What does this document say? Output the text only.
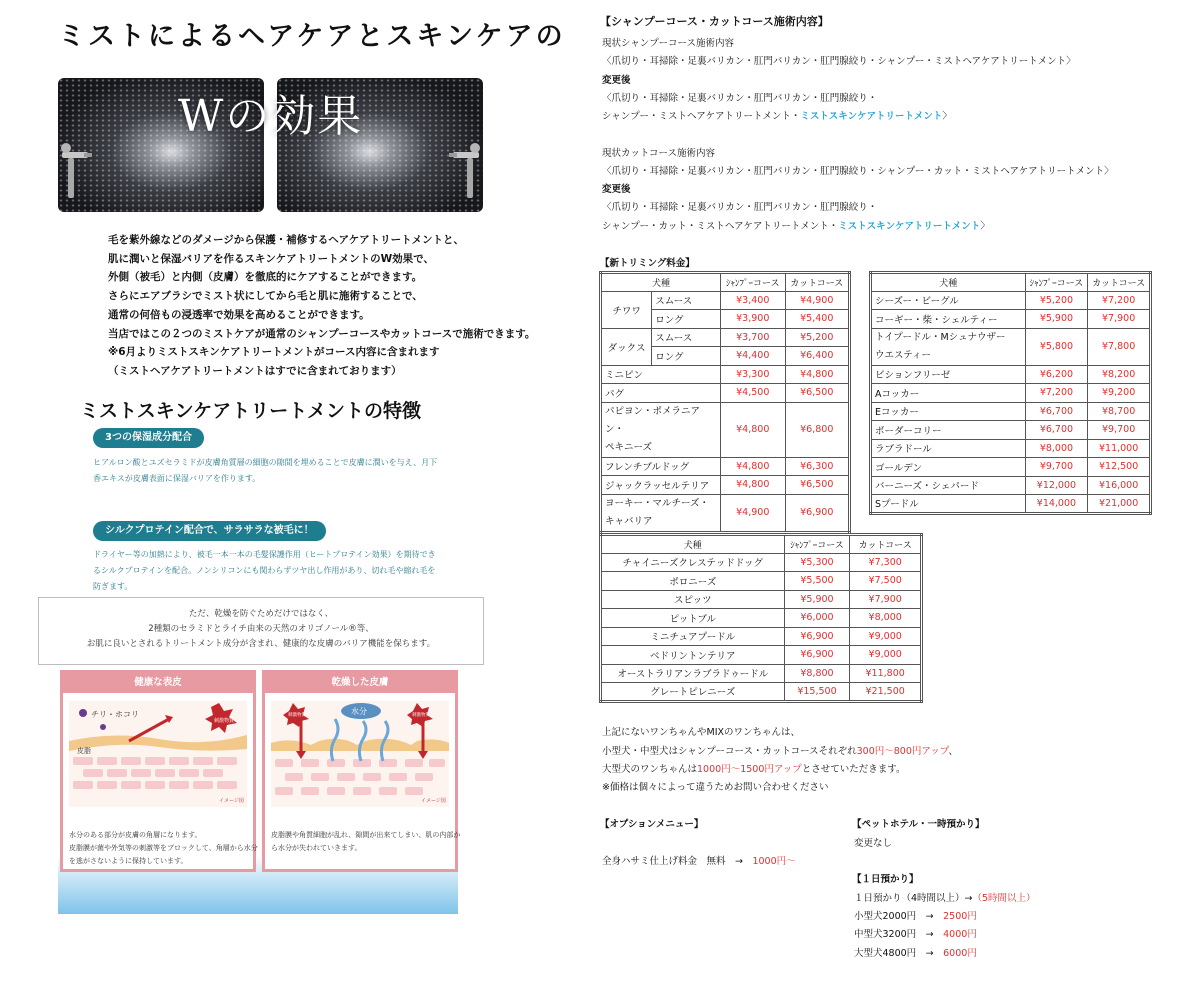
ミストによるヘアケアとスキンケアの
Wの効果
毛を紫外線などのダメージから保護・補修するヘアケアトリートメントと、
肌に潤いと保湿バリアを作るスキンケアトリートメントのW効果で、
外側（被毛）と内側（皮膚）を徹底的にケアすることができます。
さらにエアブラシでミスト状にしてから毛と肌に施術することで、
通常の何倍もの浸透率で効果を高めることができます。
当店ではこの２つのミストケアが通常のシャンプーコースやカットコースで施術できます。
※6月よりミストスキンケアトリートメントがコース内容に含まれます
（ミストヘアケアトリートメントはすでに含まれております）
ミストスキンケアトリートメントの特徴
3つの保湿成分配合
ヒアルロン酸とユズセラミドが皮膚角質層の細胞の隙間を埋めることで皮膚に潤いを与え、月下
香エキスが皮膚表面に保湿バリアを作ります。
シルクプロテイン配合で、サラサラな被毛に！
ドライヤー等の加熱により、被毛一本一本の毛髪保護作用（ヒートプロテイン効果）を期待でき
るシルクプロテインを配合。ノンシリコンにも関わらずツヤ出し作用があり、切れ毛や縮れ毛を
防ぎます。
ただ、乾燥を防ぐためだけではなく、
2種類のセラミドとライチ由来の天然のオリゴノール®等、
お肌に良いとされるトリートメント成分が含まれ、健康的な皮膚のバリア機能を保ちます。
健康な表皮
チリ・ホコリ
皮脂
刺激物質
イメージ図
水分のある部分が皮膚の角層になります。
皮脂膜が菌や外気等の刺激等をブロックして、角層から水分
を逃がさないように保持しています。
乾燥した皮膚
水分
刺激物質	刺激物質
イメージ図
皮脂膜や角質細胞が乱れ、隙間が出来てしまい、肌の内部か
ら水分が失われていきます。
【シャンプーコース・カットコース施術内容】
現状シャンプーコース施術内容
〈爪切り・耳掃除・足裏バリカン・肛門バリカン・肛門腺絞り・シャンプー・ミストヘアケアトリートメント〉
変更後
〈爪切り・耳掃除・足裏バリカン・肛門バリカン・肛門腺絞り・
シャンプー・ミストヘアケアトリートメント・ミストスキンケアトリートメント〉
現状カットコース施術内容
〈爪切り・耳掃除・足裏バリカン・肛門バリカン・肛門腺絞り・シャンプー・カット・ミストヘアケアトリートメント〉
変更後
〈爪切り・耳掃除・足裏バリカン・肛門バリカン・肛門腺絞り・
シャンプー・カット・ミストヘアケアトリートメント・ミストスキンケアトリートメント〉
【新トリミング料金】
犬種		ｼｬﾝﾌﾟｰコース	カットコース
チワワ	スムース	¥3,400	¥4,900
	ロング	¥3,900	¥5,400
ダックス	スムース	¥3,700	¥5,200
	ロング	¥4,400	¥6,400
ミニピン		¥3,300	¥4,800
パグ		¥4,500	¥6,500

パピヨン・ポメラニアン・
ペキニーズ		¥4,800	¥6,800
フレンチブルドッグ		¥4,800	¥6,300
ジャックラッセルテリア		¥4,800	¥6,500

ヨーキー・マルチーズ・
キャバリア		¥4,900	¥6,900
犬種	ｼｬﾝﾌﾟｰコース	カットコース
シーズー・ビーグル	¥5,200	¥7,200
コーギー・柴・シェルティー	¥5,900	¥7,900

トイプードル・Mシュナウザー
ウエスティー	¥5,800	¥7,800
ビションフリーゼ	¥6,200	¥8,200
Aコッカー	¥7,200	¥9,200
Eコッカー	¥6,700	¥8,700
ボーダーコリー	¥6,700	¥9,700
ラブラドール	¥8,000	¥11,000
ゴールデン	¥9,700	¥12,500
バーニーズ・シェパード	¥12,000	¥16,000
Sプードル	¥14,000	¥21,000
犬種	ｼｬﾝﾌﾟｰコース	カットコース
チャイニーズクレステッドドッグ	¥5,300	¥7,300
ボロニーズ	¥5,500	¥7,500
スピッツ	¥5,900	¥7,900
ピットブル	¥6,000	¥8,000
ミニチュアプードル	¥6,900	¥9,000
ベドリントンテリア	¥6,900	¥9,000
オーストラリアンラブラドゥードル	¥8,800	¥11,800
グレートピレニーズ	¥15,500	¥21,500
上記にないワンちゃんやMIXのワンちゃんは、
小型犬・中型犬はシャンプーコース・カットコースそれぞれ300円～800円アップ、
大型犬のワンちゃんは1000円～1500円アップとさせていただきます。
※価格は個々によって違うためお問い合わせください
【オプションメニュー】
全身ハサミ仕上げ料金　無料　→　1000円～
【ペットホテル・一時預かり】
変更なし
【１日預かり】
１日預かり（4時間以上）→（5時間以上）
小型犬2000円　→　2500円
中型犬3200円　→　4000円
大型犬4800円　→　6000円
